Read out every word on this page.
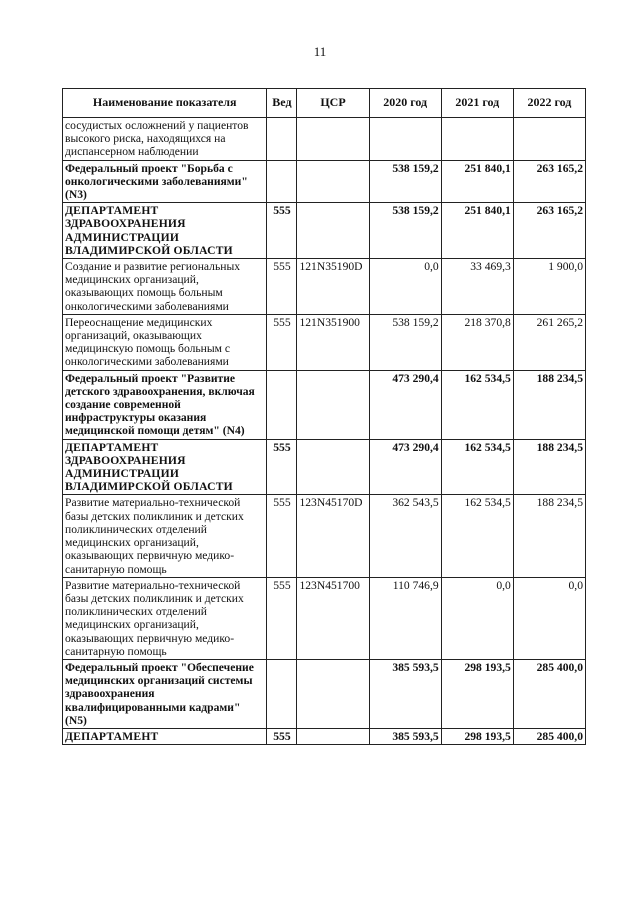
11
Наименование показателя	Вед	ЦСР	2020 год	2021 год	2022 год
сосудистых осложнений у пациентов высокого риска, находящихся на диспансерном наблюдении					
Федеральный проект "Борьба с онкологическими заболеваниями" (N3)			538 159,2	251 840,1	263 165,2
ДЕПАРТАМЕНТ ЗДРАВООХРАНЕНИЯ АДМИНИСТРАЦИИ ВЛАДИМИРСКОЙ ОБЛАСТИ	555		538 159,2	251 840,1	263 165,2
Создание и развитие региональных медицинских организаций, оказывающих помощь больным онкологическими заболеваниями	555	121N35190D	0,0	33 469,3	1 900,0
Переоснащение медицинских организаций, оказывающих медицинскую помощь больным с онкологическими заболеваниями	555	121N351900	538 159,2	218 370,8	261 265,2
Федеральный проект "Развитие детского здравоохранения, включая создание современной инфраструктуры оказания медицинской помощи детям" (N4)			473 290,4	162 534,5	188 234,5
ДЕПАРТАМЕНТ ЗДРАВООХРАНЕНИЯ АДМИНИСТРАЦИИ ВЛАДИМИРСКОЙ ОБЛАСТИ	555		473 290,4	162 534,5	188 234,5
Развитие материально-технической базы детских поликлиник и детских поликлинических отделений медицинских организаций, оказывающих первичную медико-санитарную помощь	555	123N45170D	362 543,5	162 534,5	188 234,5
Развитие материально-технической базы детских поликлиник и детских поликлинических отделений медицинских организаций, оказывающих первичную медико-санитарную помощь	555	123N451700	110 746,9	0,0	0,0
Федеральный проект "Обеспечение медицинских организаций системы здравоохранения квалифицированными кадрами" (N5)			385 593,5	298 193,5	285 400,0
ДЕПАРТАМЕНТ	555		385 593,5	298 193,5	285 400,0
